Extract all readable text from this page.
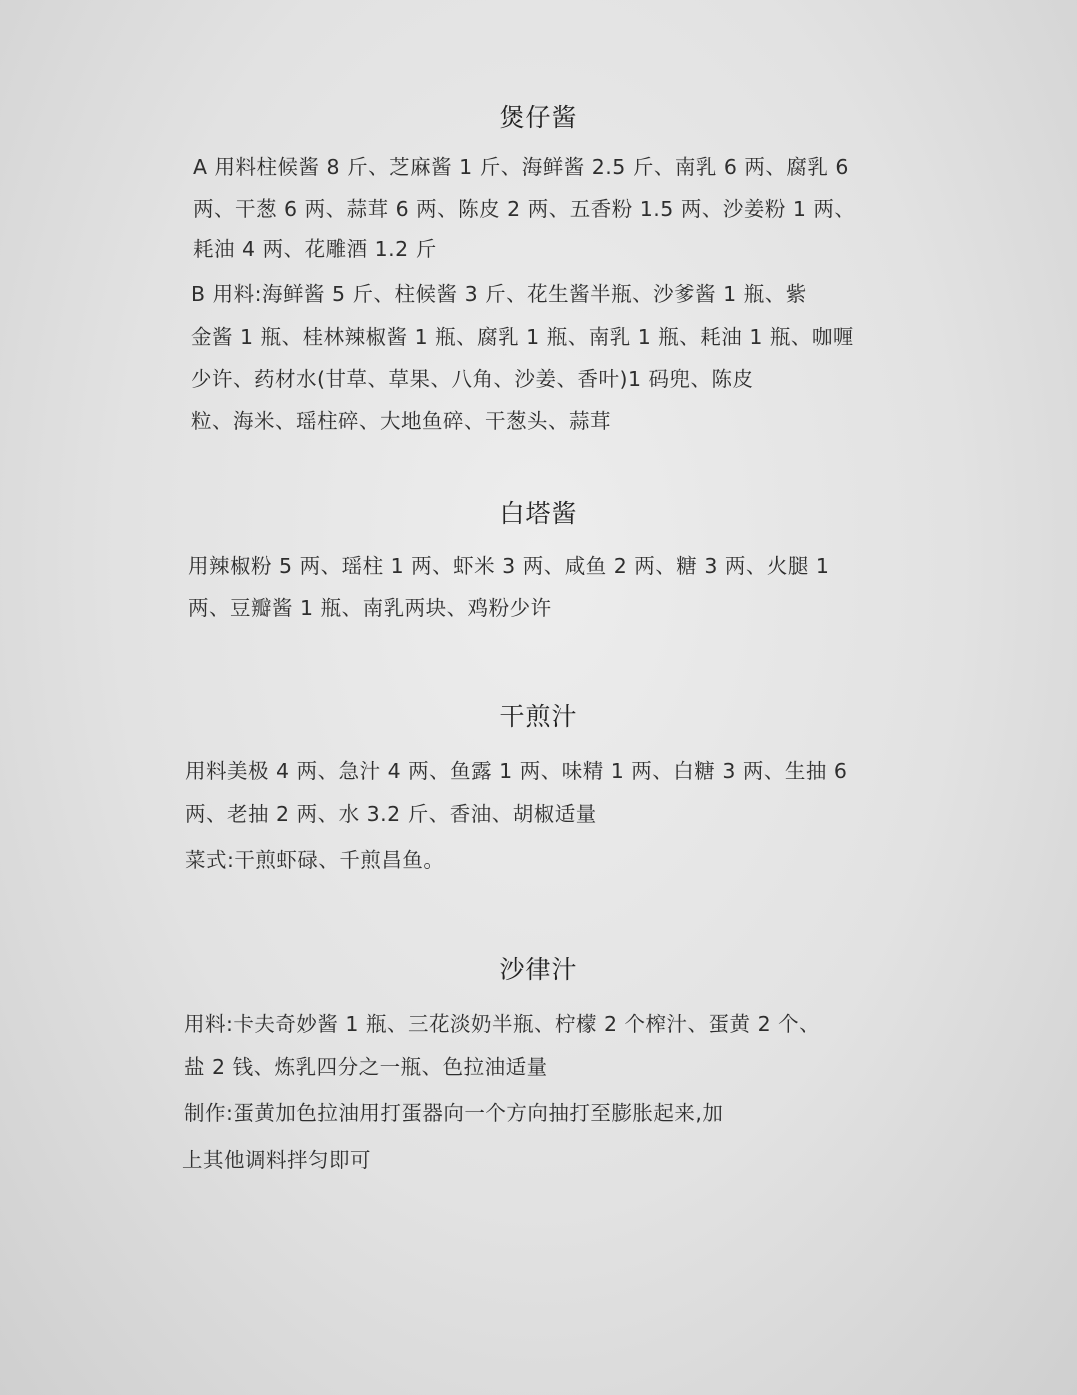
煲仔酱
A 用料柱候酱 8 斤、芝麻酱 1 斤、海鲜酱 2.5 斤、南乳 6 两、腐乳 6
两、干葱 6 两、蒜茸 6 两、陈皮 2 两、五香粉 1.5 两、沙姜粉 1 两、
耗油 4 两、花雕酒 1.2 斤
B 用料:海鲜酱 5 斤、柱候酱 3 斤、花生酱半瓶、沙爹酱 1 瓶、紫
金酱 1 瓶、桂林辣椒酱 1 瓶、腐乳 1 瓶、南乳 1 瓶、耗油 1 瓶、咖喱
少许、药材水(甘草、草果、八角、沙姜、香叶)1 码兜、陈皮
粒、海米、瑶柱碎、大地鱼碎、干葱头、蒜茸
白塔酱
用辣椒粉 5 两、瑶柱 1 两、虾米 3 两、咸鱼 2 两、糖 3 两、火腿 1
两、豆瓣酱 1 瓶、南乳两块、鸡粉少许
干煎汁
用料美极 4 两、急汁 4 两、鱼露 1 两、味精 1 两、白糖 3 两、生抽 6
两、老抽 2 两、水 3.2 斤、香油、胡椒适量
菜式:干煎虾碌、千煎昌鱼。
沙律汁
用料:卡夫奇妙酱 1 瓶、三花淡奶半瓶、柠檬 2 个榨汁、蛋黄 2 个、
盐 2 钱、炼乳四分之一瓶、色拉油适量
制作:蛋黄加色拉油用打蛋器向一个方向抽打至膨胀起来,加
上其他调料拌匀即可
